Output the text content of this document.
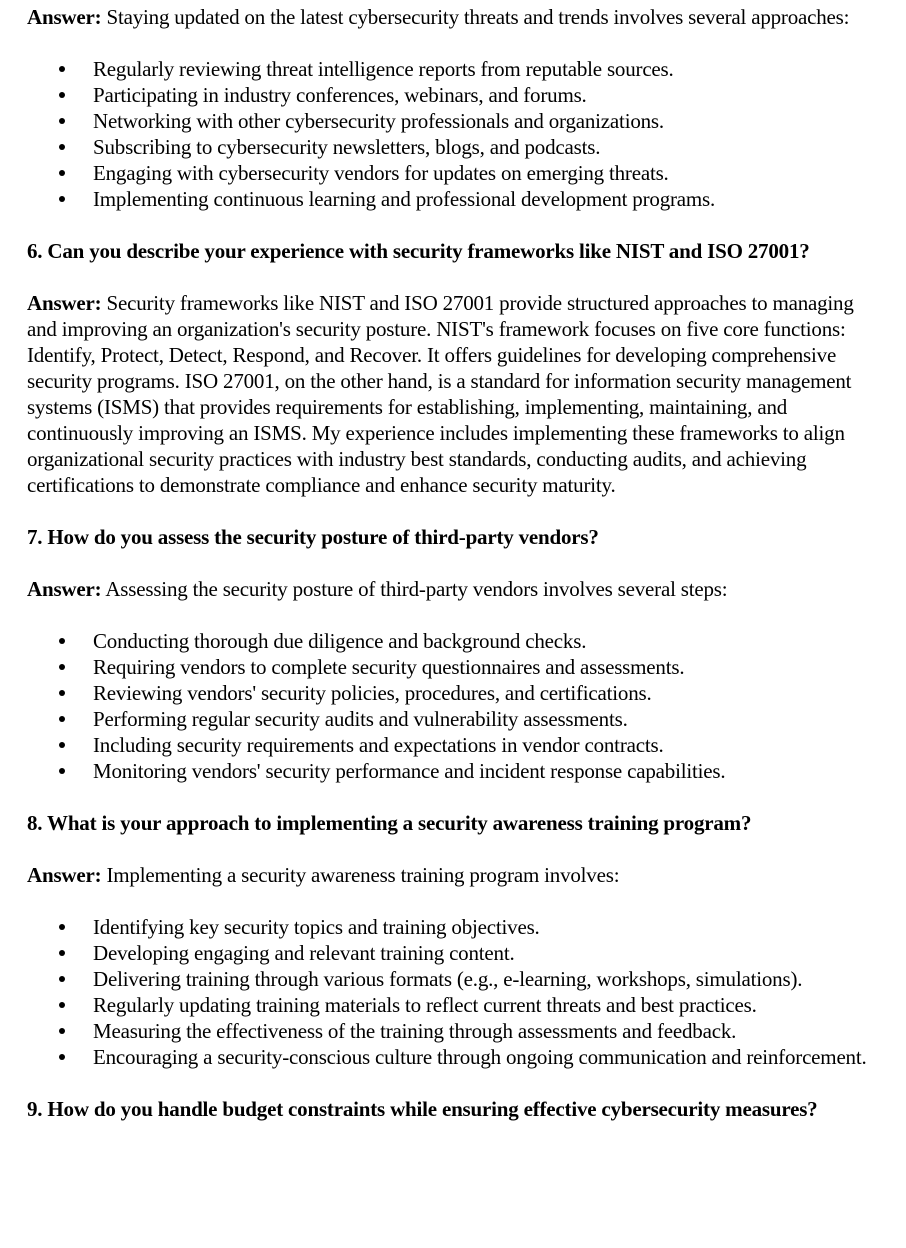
Answer: Staying updated on the latest cybersecurity threats and trends involves several approaches:

Regularly reviewing threat intelligence reports from reputable sources.
Participating in industry conferences, webinars, and forums.
Networking with other cybersecurity professionals and organizations.
Subscribing to cybersecurity newsletters, blogs, and podcasts.
Engaging with cybersecurity vendors for updates on emerging threats.
Implementing continuous learning and professional development programs.
6. Can you describe your experience with security frameworks like NIST and ISO 27001?

Answer: Security frameworks like NIST and ISO 27001 provide structured approaches to managing and improving an organization's security posture. NIST's framework focuses on five core functions: Identify, Protect, Detect, Respond, and Recover. It offers guidelines for developing comprehensive security programs. ISO 27001, on the other hand, is a standard for information security management systems (ISMS) that provides requirements for establishing, implementing, maintaining, and continuously improving an ISMS. My experience includes implementing these frameworks to align organizational security practices with industry best standards, conducting audits, and achieving certifications to demonstrate compliance and enhance security maturity.

7. How do you assess the security posture of third-party vendors?

Answer: Assessing the security posture of third-party vendors involves several steps:

Conducting thorough due diligence and background checks.
Requiring vendors to complete security questionnaires and assessments.
Reviewing vendors' security policies, procedures, and certifications.
Performing regular security audits and vulnerability assessments.
Including security requirements and expectations in vendor contracts.
Monitoring vendors' security performance and incident response capabilities.
8. What is your approach to implementing a security awareness training program?

Answer: Implementing a security awareness training program involves:

Identifying key security topics and training objectives.
Developing engaging and relevant training content.
Delivering training through various formats (e.g., e-learning, workshops, simulations).
Regularly updating training materials to reflect current threats and best practices.
Measuring the effectiveness of the training through assessments and feedback.
Encouraging a security-conscious culture through ongoing communication and reinforcement.
9. How do you handle budget constraints while ensuring effective cybersecurity measures?
